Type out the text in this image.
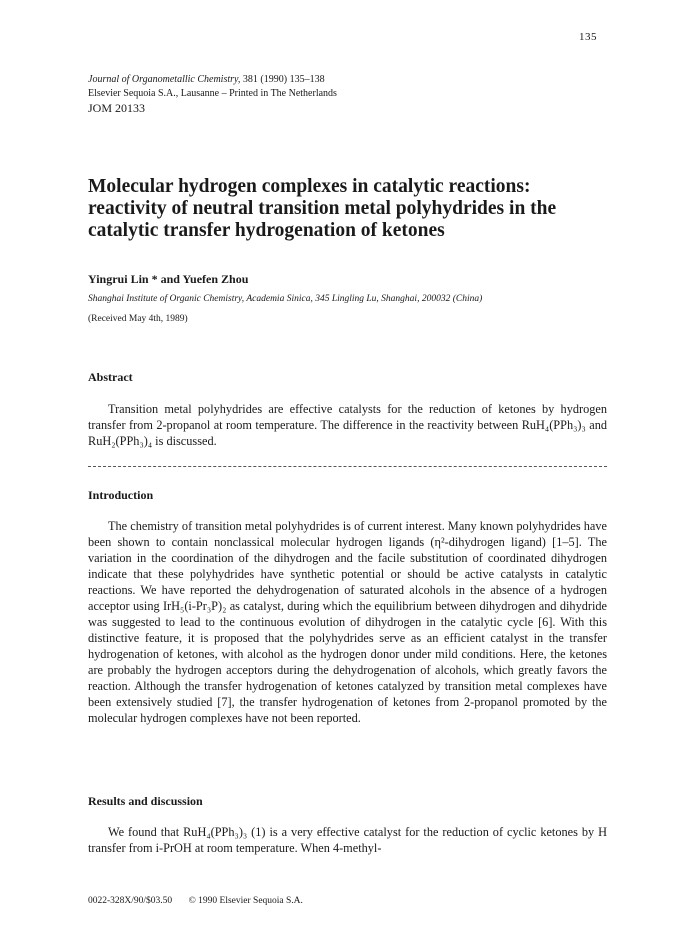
135
Journal of Organometallic Chemistry, 381 (1990) 135–138
Elsevier Sequoia S.A., Lausanne – Printed in The Netherlands
JOM 20133
Molecular hydrogen complexes in catalytic reactions: reactivity of neutral transition metal polyhydrides in the catalytic transfer hydrogenation of ketones
Yingrui Lin * and Yuefen Zhou
Shanghai Institute of Organic Chemistry, Academia Sinica, 345 Lingling Lu, Shanghai, 200032 (China)
(Received May 4th, 1989)
Abstract

Transition metal polyhydrides are effective catalysts for the reduction of ketones by hydrogen transfer from 2-propanol at room temperature. The difference in the reactivity between RuH₄(PPh₃)₃ and RuH₂(PPh₃)₄ is discussed.

Introduction

The chemistry of transition metal polyhydrides is of current interest. Many known polyhydrides have been shown to contain nonclassical molecular hydrogen ligands (η²-dihydrogen ligand) [1–5]. The variation in the coordination of the dihydrogen and the facile substitution of coordinated dihydrogen indicate that these polyhydrides have synthetic potential or should be active catalysts in catalytic reactions. We have reported the dehydrogenation of saturated alcohols in the absence of a hydrogen acceptor using IrH₅(i-Pr₃P)₂ as catalyst, during which the equilibrium between dihydrogen and dihydride was suggested to lead to the continuous evolution of dihydrogen in the catalytic cycle [6]. With this distinctive feature, it is proposed that the polyhydrides serve as an efficient catalyst in the transfer hydrogenation of ketones, with alcohol as the hydrogen donor under mild conditions. Here, the ketones are probably the hydrogen acceptors during the dehydrogenation of alcohols, which greatly favors the reaction. Although the transfer hydrogenation of ketones catalyzed by transition metal complexes have been extensively studied [7], the transfer hydrogenation of ketones from 2-propanol promoted by the molecular hydrogen complexes have not been reported.

Results and discussion

We found that RuH₄(PPh₃)₃ (1) is a very effective catalyst for the reduction of cyclic ketones by H transfer from i-PrOH at room temperature. When 4-methyl-

0022-328X/90/$03.50 © 1990 Elsevier Sequoia S.A.
